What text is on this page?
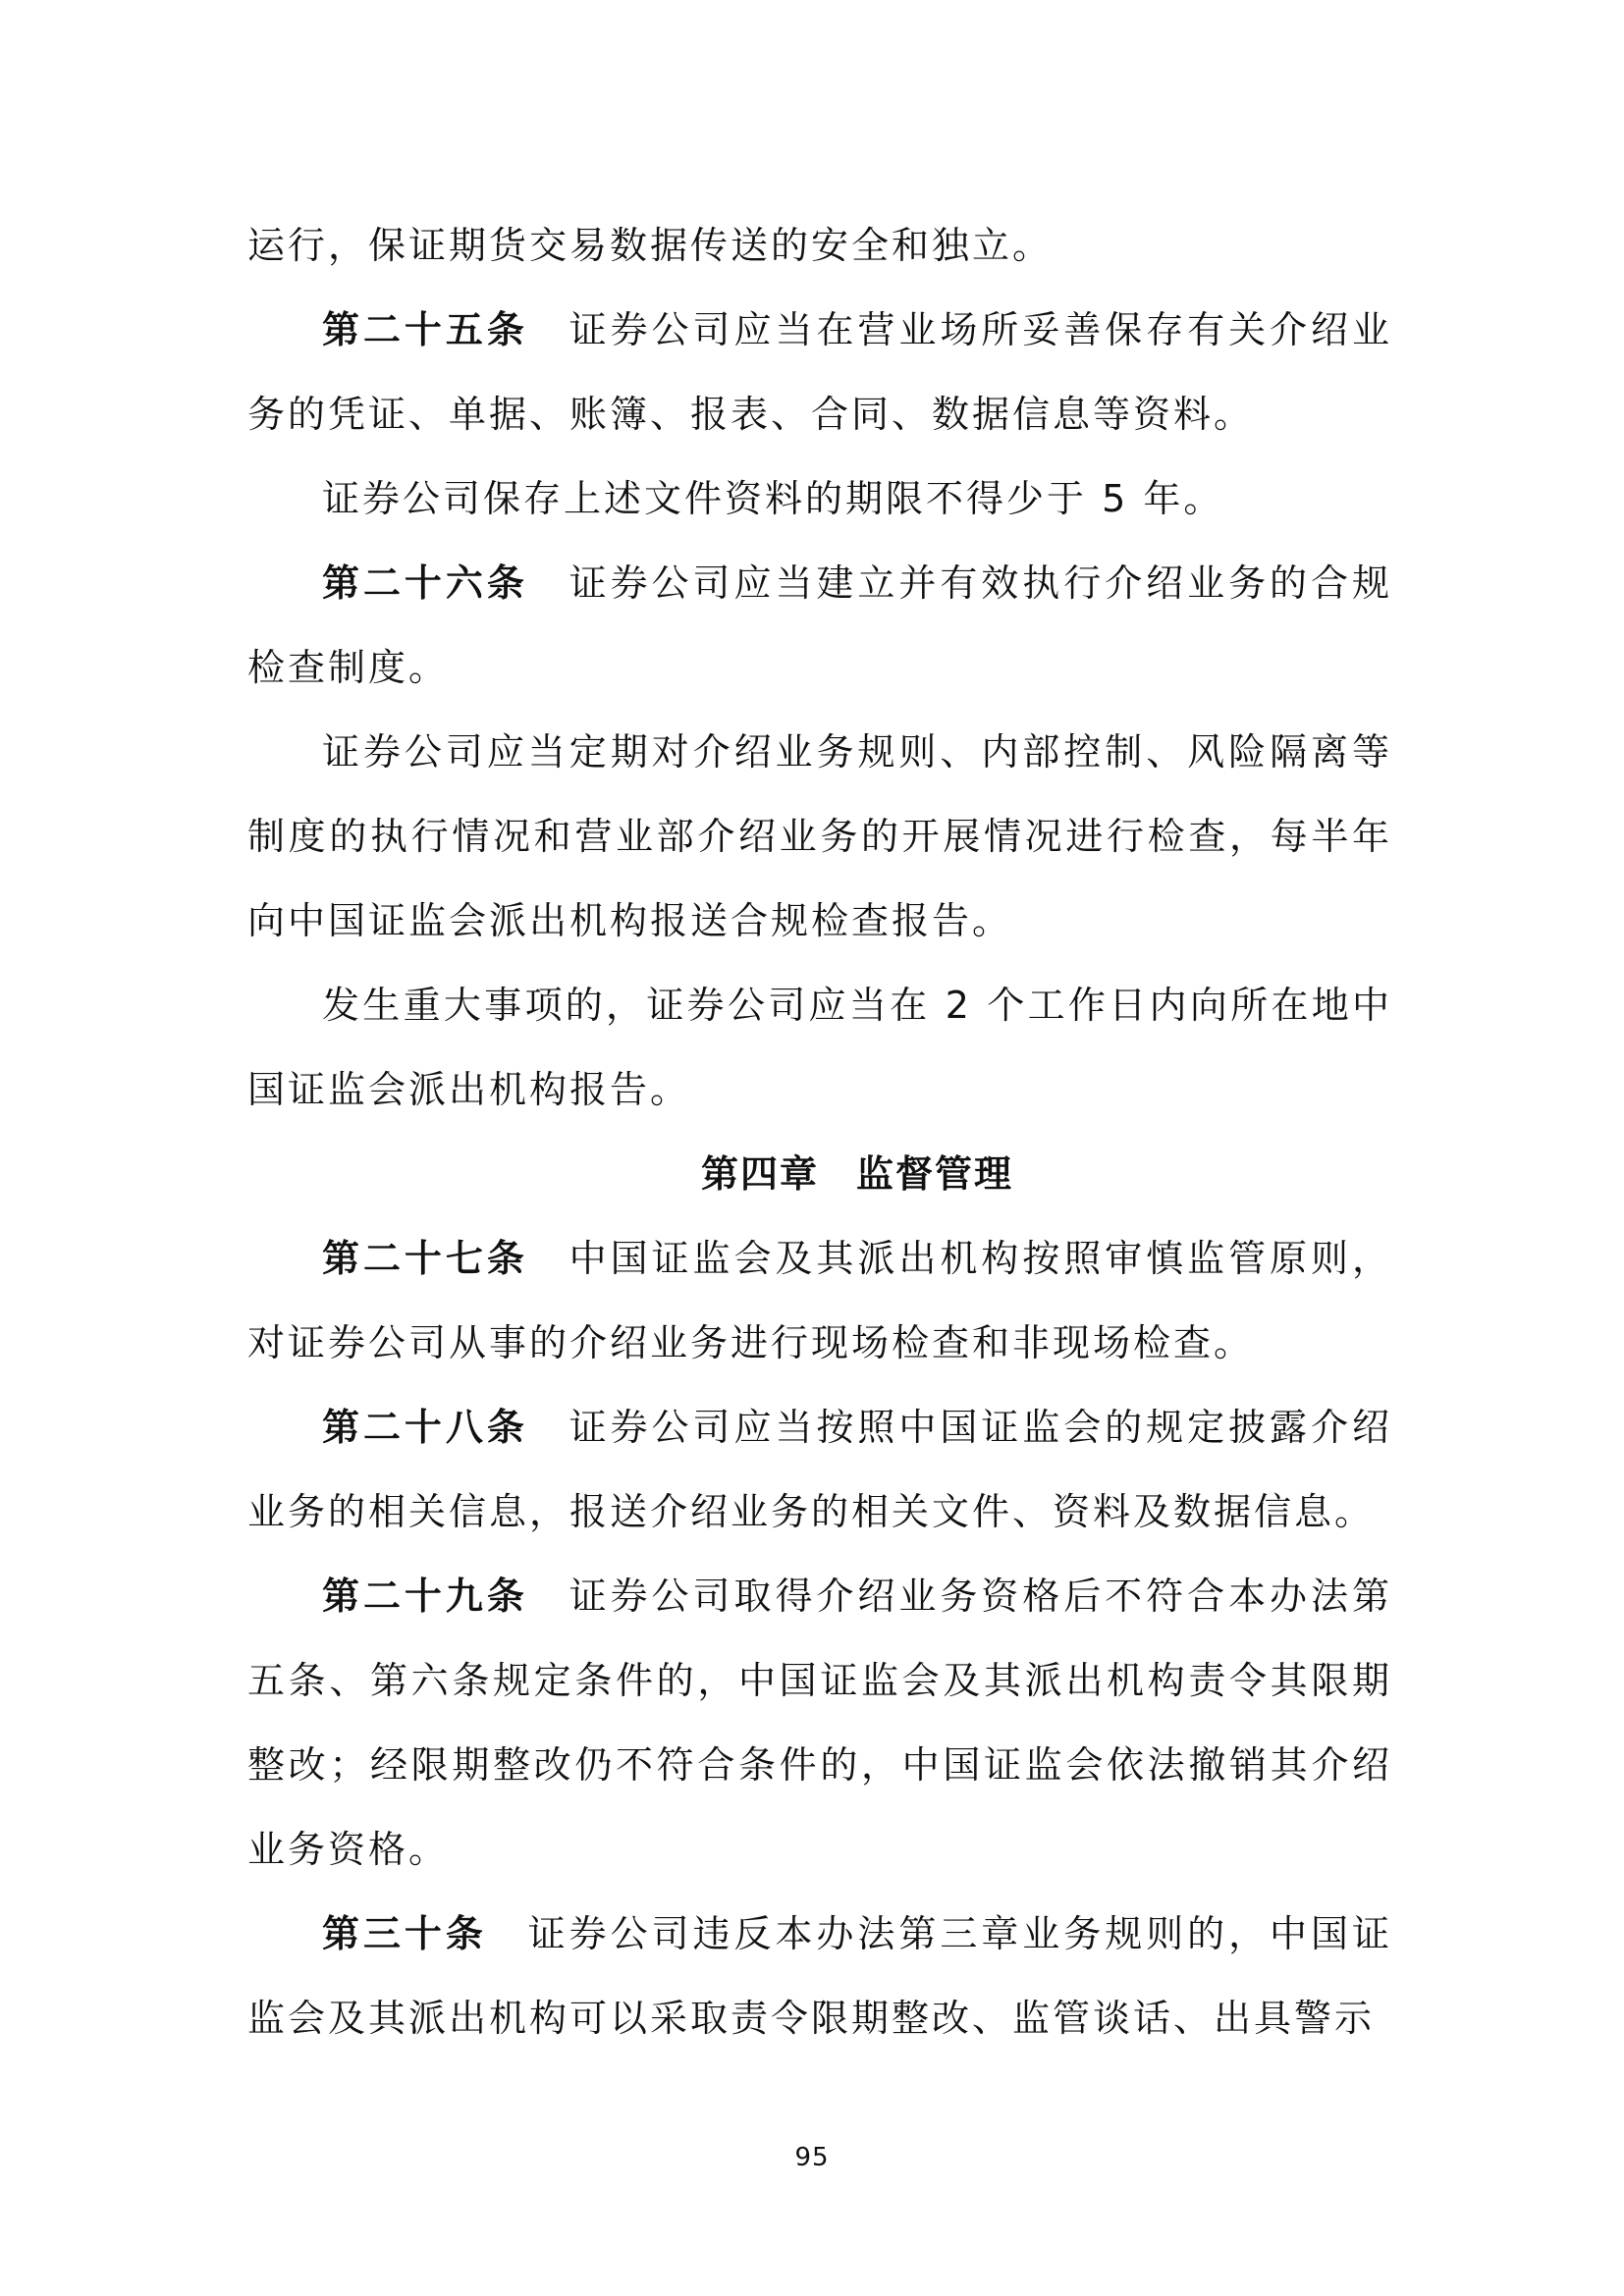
运行，保证期货交易数据传送的安全和独立。

第二十五条 证券公司应当在营业场所妥善保存有关介绍业务的凭证、单据、账簿、报表、合同、数据信息等资料。

证券公司保存上述文件资料的期限不得少于 5 年。

第二十六条 证券公司应当建立并有效执行介绍业务的合规检查制度。

证券公司应当定期对介绍业务规则、内部控制、风险隔离等制度的执行情况和营业部介绍业务的开展情况进行检查，每半年向中国证监会派出机构报送合规检查报告。

发生重大事项的，证券公司应当在 2 个工作日内向所在地中国证监会派出机构报告。

第四章 监督管理

第二十七条 中国证监会及其派出机构按照审慎监管原则，对证券公司从事的介绍业务进行现场检查和非现场检查。

第二十八条 证券公司应当按照中国证监会的规定披露介绍业务的相关信息，报送介绍业务的相关文件、资料及数据信息。

第二十九条 证券公司取得介绍业务资格后不符合本办法第五条、第六条规定条件的，中国证监会及其派出机构责令其限期整改；经限期整改仍不符合条件的，中国证监会依法撤销其介绍业务资格。

第三十条 证券公司违反本办法第三章业务规则的，中国证监会及其派出机构可以采取责令限期整改、监管谈话、出具警示

95
